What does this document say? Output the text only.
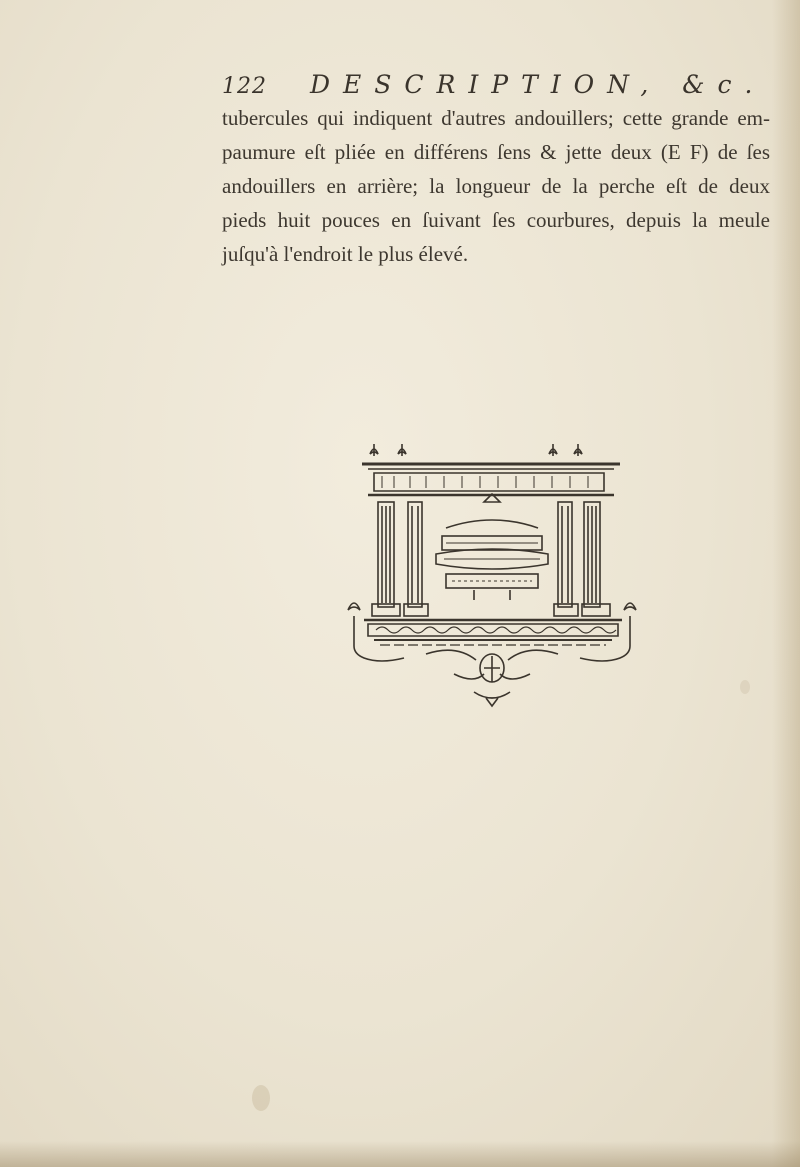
122 DESCRIPTION, &c.
tubercules qui indiquent d'autres andouillers; cette grande em-
paumure eſt pliée en différens ſens & jette deux (E F) de ſes
andouillers en arrière; la longueur de la perche eſt de deux
pieds huit pouces en ſuivant ſes courbures, depuis la meule
juſqu'à l'endroit le plus élevé.
